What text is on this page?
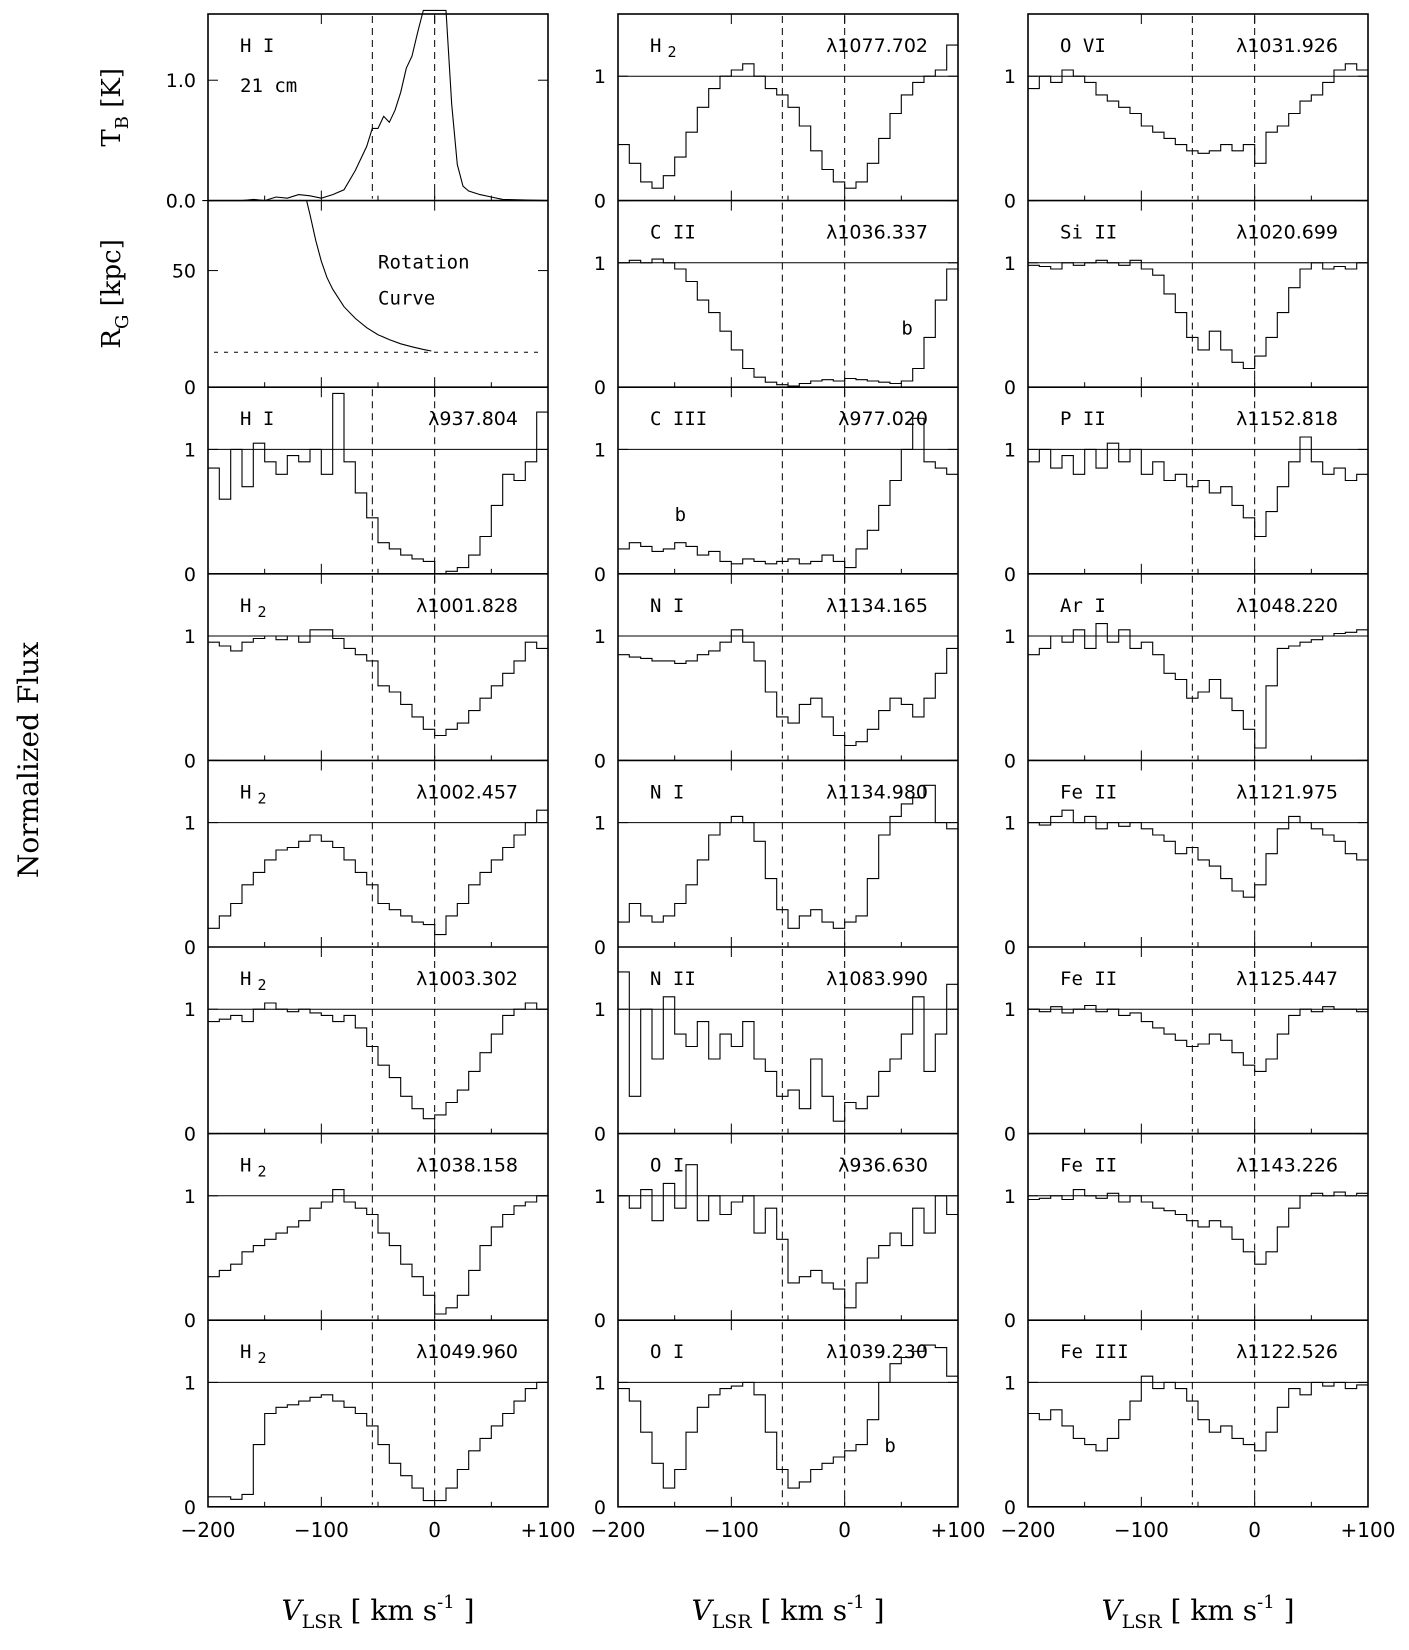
Normalized Flux
0.0
1.0
H I
21 cm
$T_B$ [K]
0
50	Rotation
Curve
$R_G$ [kpc]
0
1
H I	λ937.804
0
1
H $_2$	λ1001.828
0
1
H $_2$	λ1002.457
0
1
H $_2$	λ1003.302
0
1
H $_2$	λ1038.158
0
1
H $_2$	λ1049.960
−200	−100	0	+100
$V_{LSR}$ [ km $s^{-1}$ ]
0
1
H $_2$	λ1077.702
0
1
C II	λ1036.337
b
0
1
C III	λ977.020
b
0
1
N I	λ1134.165
0
1
N I	λ1134.980
0
1
N II	λ1083.990
0
1
O I	λ936.630
0
1
O I	λ1039.230
b
−200	−100	0	+100
$V_{LSR}$ [ km $s^{-1}$ ]
0
1
O VI	λ1031.926
0
1
Si II	λ1020.699
0
1
P II	λ1152.818
0
1
Ar I	λ1048.220
0
1
Fe II	λ1121.975
0
1
Fe II	λ1125.447
0
1
Fe II	λ1143.226
0
1
Fe III	λ1122.526
−200	−100	0	+100
$V_{LSR}$ [ km $s^{-1}$ ]
